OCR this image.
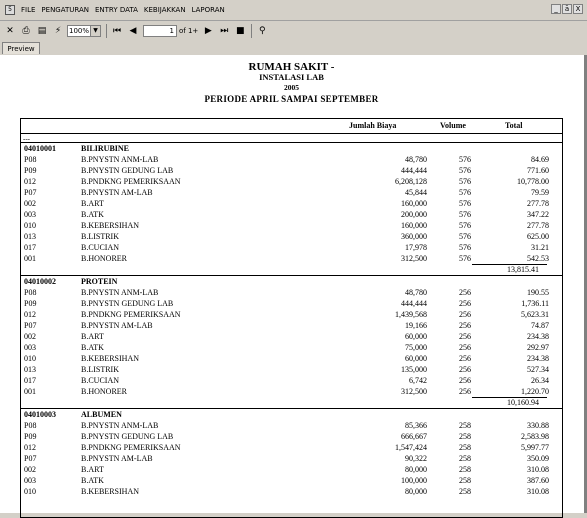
5	FILE PENGATURAN ENTRY DATA KEBIJAKKAN LAPORAN	_	ā X
✕ ⎙ ▤ ⚡	100% ▼ ⏮ ◀	1 of 1+ ▶ ⏭ ■	⚲
Preview
RUMAH SAKIT -
INSTALASI LAB
2005
PERIODE APRIL SAMPAI SEPTEMBER
Jumlah Biaya	Volume	Total
---
04010001	BILIRUBINE
P08	B.PNYSTN ANM-LAB	48,780	576	84.69
P09	B.PNYSTN GEDUNG LAB	444,444	576	771.60
012	B.PNDKNG PEMERIKSAAN	6,208,128	576	10,778.00
P07	B.PNYSTN AM-LAB	45,844	576	79.59
002	B.ART	160,000	576	277.78
003	B.ATK	200,000	576	347.22
010	B.KEBERSIHAN	160,000	576	277.78
013	B.LISTRIK	360,000	576	625.00
017	B.CUCIAN	17,978	576	31.21
001	B.HONORER	312,500	576	542.53
13,815.41
04010002	PROTEIN
P08	B.PNYSTN ANM-LAB	48,780	256	190.55
P09	B.PNYSTN GEDUNG LAB	444,444	256	1,736.11
012	B.PNDKNG PEMERIKSAAN	1,439,568	256	5,623.31
P07	B.PNYSTN AM-LAB	19,166	256	74.87
002	B.ART	60,000	256	234.38
003	B.ATK	75,000	256	292.97
010	B.KEBERSIHAN	60,000	256	234.38
013	B.LISTRIK	135,000	256	527.34
017	B.CUCIAN	6,742	256	26.34
001	B.HONORER	312,500	256	1,220.70
10,160.94
04010003	ALBUMEN
P08	B.PNYSTN ANM-LAB	85,366	258	330.88
P09	B.PNYSTN GEDUNG LAB	666,667	258	2,583.98
012	B.PNDKNG PEMERIKSAAN	1,547,424	258	5,997.77
P07	B.PNYSTN AM-LAB	90,322	258	350.09
002	B.ART	80,000	258	310.08
003	B.ATK	100,000	258	387.60
010	B.KEBERSIHAN	80,000	258	310.08
